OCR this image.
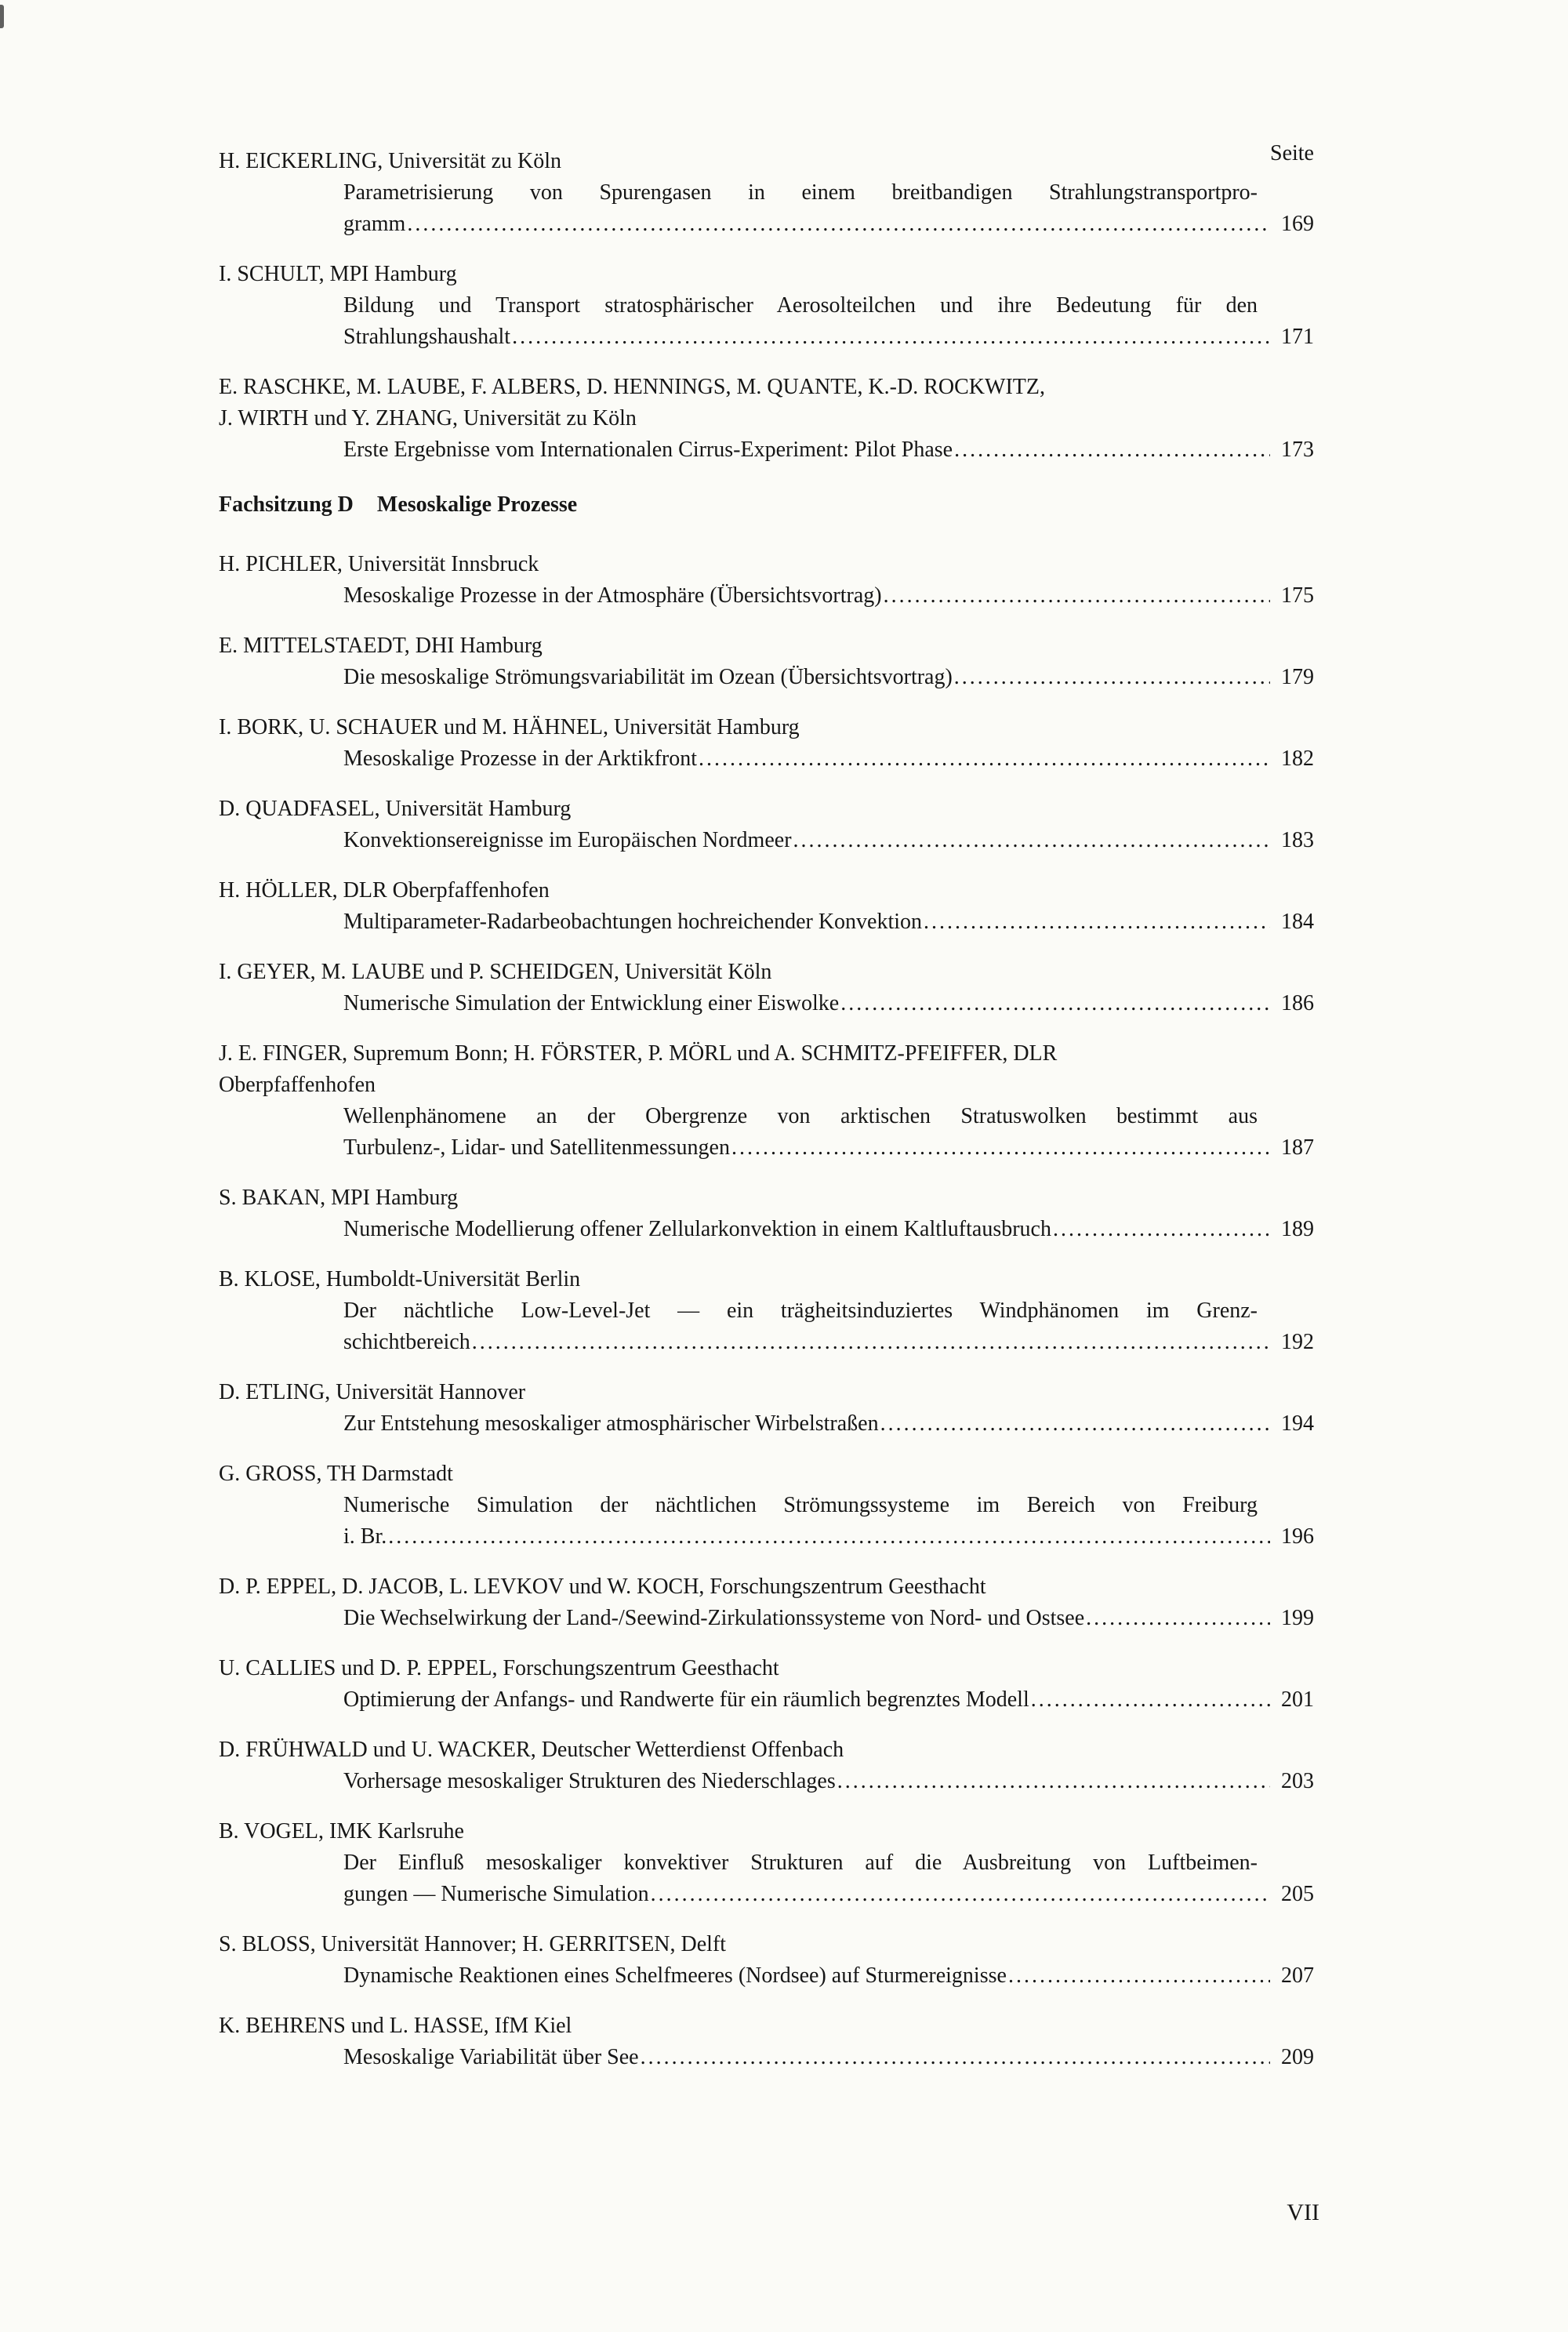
Seite
H. EICKERLING, Universität zu Köln
Parametrisierung von Spurengasen in einem breitbandigen Strahlungstransportpro-
gramm .....	169
I. SCHULT, MPI Hamburg
Bildung und Transport stratosphärischer Aerosolteilchen und ihre Bedeutung für den
Strahlungshaushalt .....	171
E. RASCHKE, M. LAUBE, F. ALBERS, D. HENNINGS, M. QUANTE, K.-D. ROCKWITZ,
J. WIRTH und Y. ZHANG, Universität zu Köln
Erste Ergebnisse vom Internationalen Cirrus-Experiment: Pilot Phase .....	173
Fachsitzung D Mesoskalige Prozesse
H. PICHLER, Universität Innsbruck
Mesoskalige Prozesse in der Atmosphäre (Übersichtsvortrag) .....	175
E. MITTELSTAEDT, DHI Hamburg
Die mesoskalige Strömungsvariabilität im Ozean (Übersichtsvortrag) .....	179
I. BORK, U. SCHAUER und M. HÄHNEL, Universität Hamburg
Mesoskalige Prozesse in der Arktikfront .....	182
D. QUADFASEL, Universität Hamburg
Konvektionsereignisse im Europäischen Nordmeer .....	183
H. HÖLLER, DLR Oberpfaffenhofen
Multiparameter-Radarbeobachtungen hochreichender Konvektion .....	184
I. GEYER, M. LAUBE und P. SCHEIDGEN, Universität Köln
Numerische Simulation der Entwicklung einer Eiswolke .....	186
J. E. FINGER, Supremum Bonn; H. FÖRSTER, P. MÖRL und A. SCHMITZ-PFEIFFER, DLR
Oberpfaffenhofen
Wellenphänomene an der Obergrenze von arktischen Stratuswolken bestimmt aus
Turbulenz-, Lidar- und Satellitenmessungen .....	187
S. BAKAN, MPI Hamburg
Numerische Modellierung offener Zellularkonvektion in einem Kaltluftausbruch .....	189
B. KLOSE, Humboldt-Universität Berlin
Der nächtliche Low-Level-Jet — ein trägheitsinduziertes Windphänomen im Grenz-
schichtbereich .....	192
D. ETLING, Universität Hannover
Zur Entstehung mesoskaliger atmosphärischer Wirbelstraßen .....	194
G. GROSS, TH Darmstadt
Numerische Simulation der nächtlichen Strömungssysteme im Bereich von Freiburg
i. Br. .....	196
D. P. EPPEL, D. JACOB, L. LEVKOV und W. KOCH, Forschungszentrum Geesthacht
Die Wechselwirkung der Land-/Seewind-Zirkulationssysteme von Nord- und Ostsee .....	199
U. CALLIES und D. P. EPPEL, Forschungszentrum Geesthacht
Optimierung der Anfangs- und Randwerte für ein räumlich begrenztes Modell .....	201
D. FRÜHWALD und U. WACKER, Deutscher Wetterdienst Offenbach
Vorhersage mesoskaliger Strukturen des Niederschlages .....	203
B. VOGEL, IMK Karlsruhe
Der Einfluß mesoskaliger konvektiver Strukturen auf die Ausbreitung von Luftbeimen-
gungen — Numerische Simulation .....	205
S. BLOSS, Universität Hannover; H. GERRITSEN, Delft
Dynamische Reaktionen eines Schelfmeeres (Nordsee) auf Sturmereignisse .....	207
K. BEHRENS und L. HASSE, IfM Kiel
Mesoskalige Variabilität über See .....	209
VII
